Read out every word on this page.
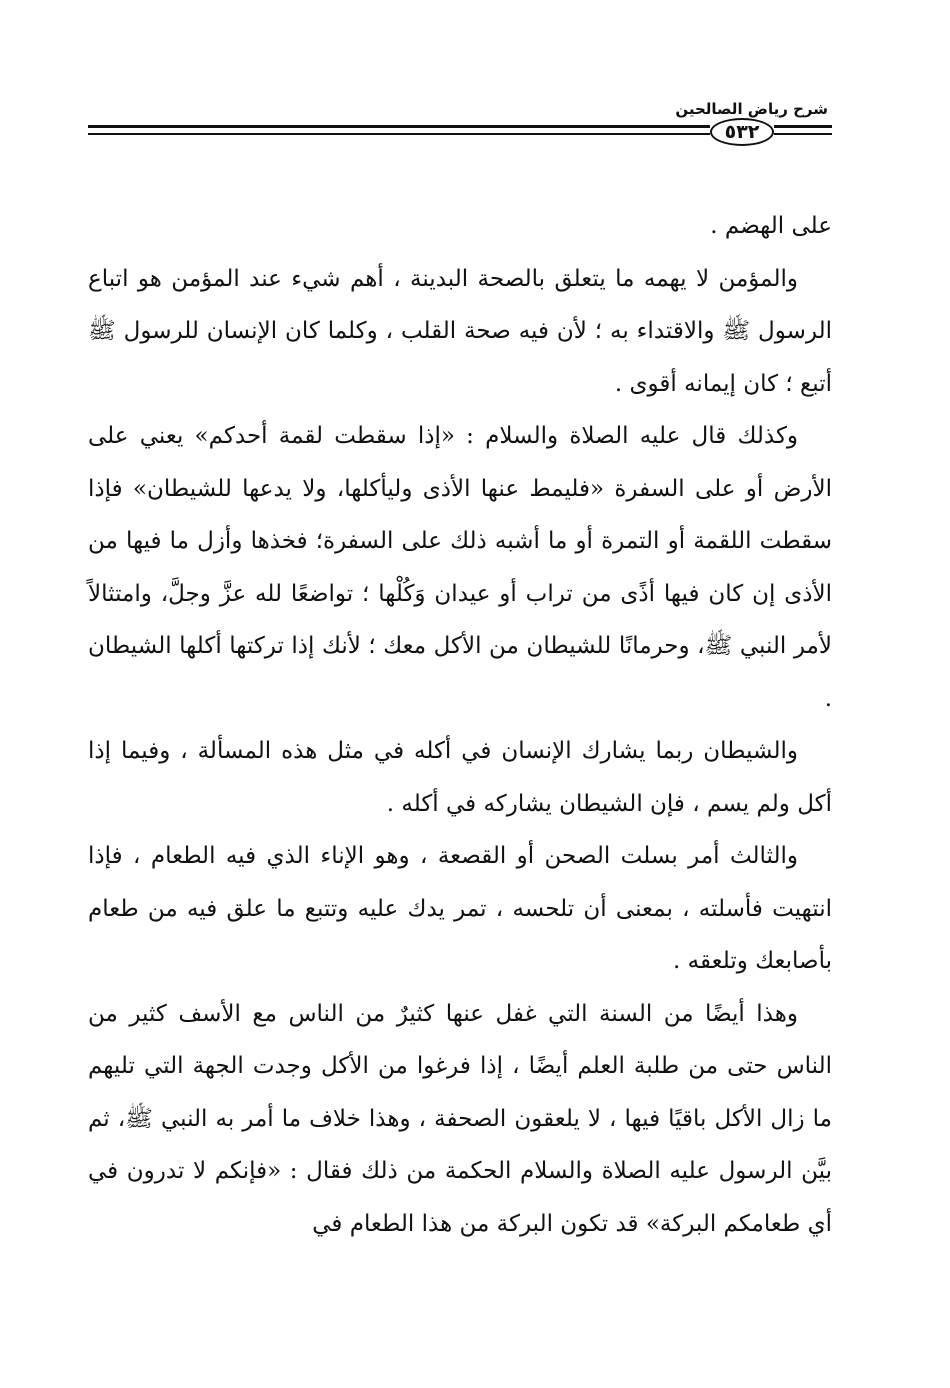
شرح رياض الصالحين
٥٣٢

على الهضم .

والمؤمن لا يهمه ما يتعلق بالصحة البدينة ، أهم شيء عند المؤمن هو اتباع الرسول ﷺ والاقتداء به ؛ لأن فيه صحة القلب ، وكلما كان الإنسان للرسول ﷺ أتبع ؛ كان إيمانه أقوى .

وكذلك قال عليه الصلاة والسلام : «إذا سقطت لقمة أحدكم» يعني على الأرض أو على السفرة «فليمط عنها الأذى وليأكلها، ولا يدعها للشيطان» فإذا سقطت اللقمة أو التمرة أو ما أشبه ذلك على السفرة؛ فخذها وأزل ما فيها من الأذى إن كان فيها أذًى من تراب أو عيدان وَكُلْها ؛ تواضعًا لله عزَّ وجلَّ، وامتثالاً لأمر النبي ﷺ، وحرمانًا للشيطان من الأكل معك ؛ لأنك إذا تركتها أكلها الشيطان .

والشيطان ربما يشارك الإنسان في أكله في مثل هذه المسألة ، وفيما إذا أكل ولم يسم ، فإن الشيطان يشاركه في أكله .

والثالث أمر بسلت الصحن أو القصعة ، وهو الإناء الذي فيه الطعام ، فإذا انتهيت فأسلته ، بمعنى أن تلحسه ، تمر يدك عليه وتتبع ما علق فيه من طعام بأصابعك وتلعقه .

وهذا أيضًا من السنة التي غفل عنها كثيرٌ من الناس مع الأسف كثير من الناس حتى من طلبة العلم أيضًا ، إذا فرغوا من الأكل وجدت الجهة التي تليهم ما زال الأكل باقيًا فيها ، لا يلعقون الصحفة ، وهذا خلاف ما أمر به النبي ﷺ، ثم بيَّن الرسول عليه الصلاة والسلام الحكمة من ذلك فقال : «فإنكم لا تدرون في أي طعامكم البركة» قد تكون البركة من هذا الطعام في
